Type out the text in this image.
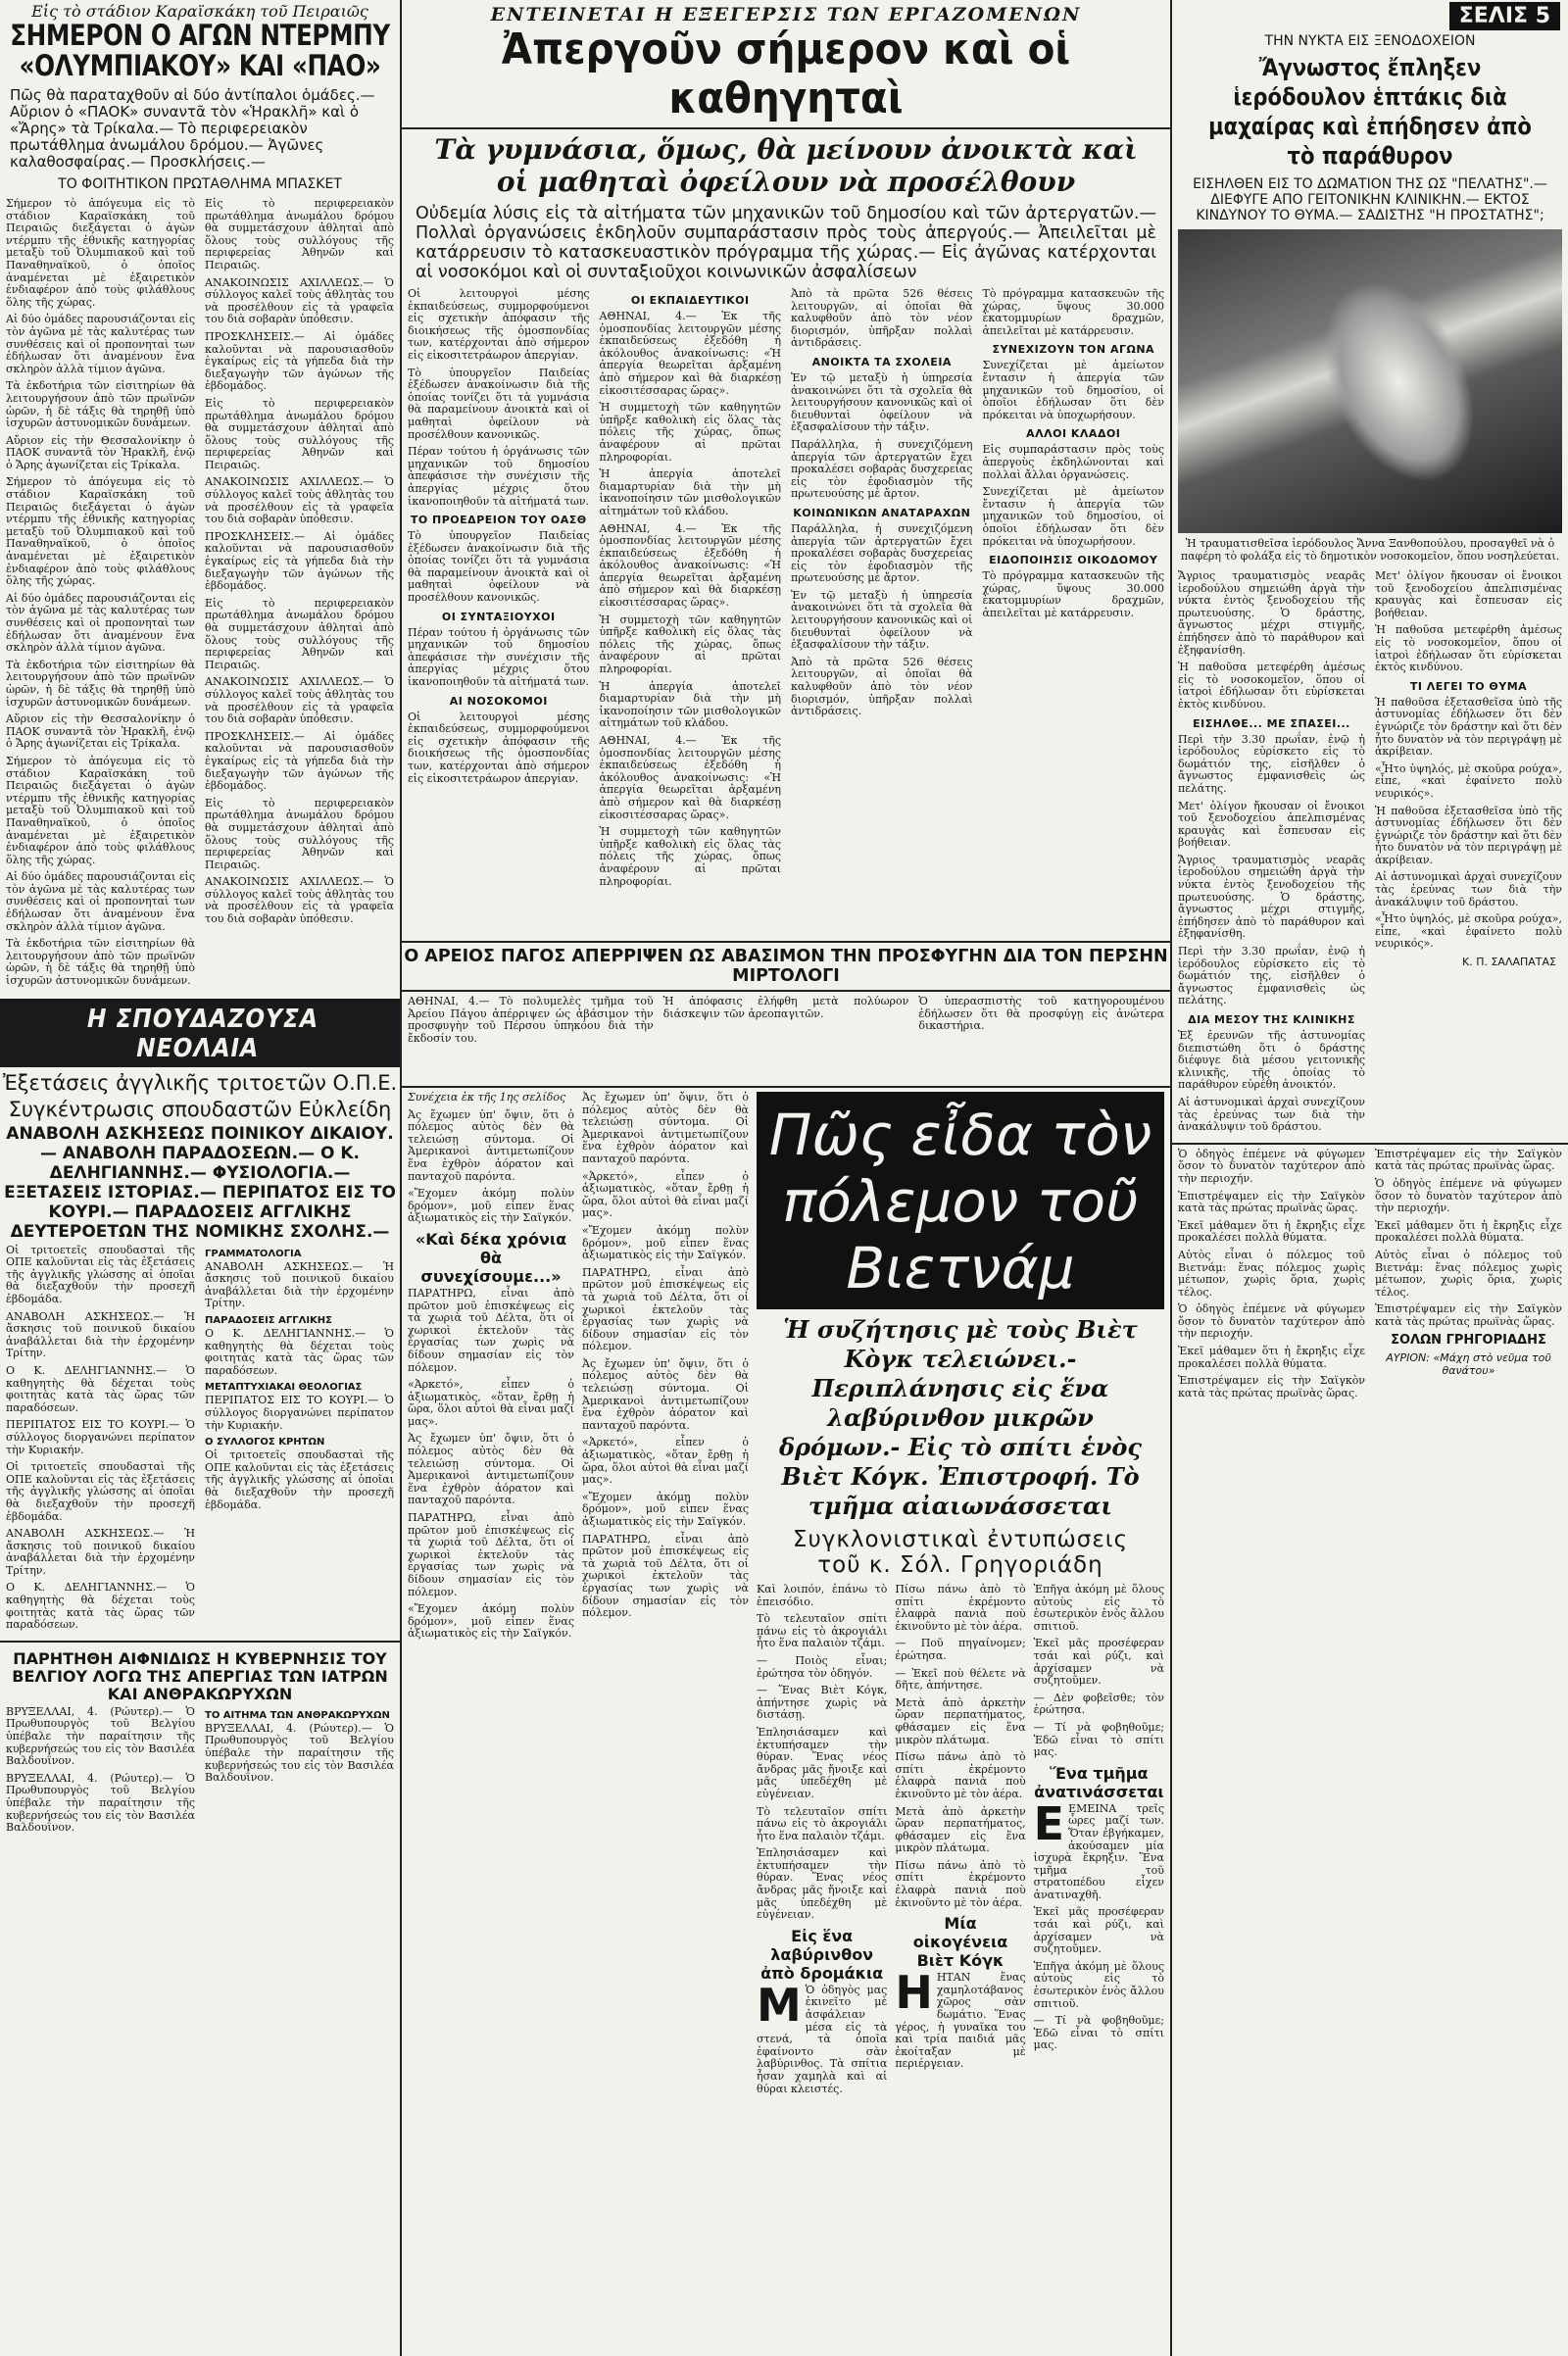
Εἰς τὸ στάδιον Καραϊσκάκη τοῦ Πειραιῶς
ΣΗΜΕΡΟΝ Ο ΑΓΩΝ ΝΤΕΡΜΠΥ «ΟΛΥΜΠΙΑΚΟΥ» ΚΑΙ «ΠΑΟ»
Πῶς θὰ παραταχθοῦν αἱ δύο ἀντίπαλοι ὁμάδες.— Αὔριον ὁ «ΠΑΟΚ» συναντᾶ τὸν «Ἡρακλῆ» καὶ ὁ «Ἄρης» τὰ Τρίκαλα.— Τὸ περιφερειακὸν πρωτάθλημα ἀνωμάλου δρόμου.— Ἀγῶνες καλαθοσφαίρας.— Προσκλήσεις.—
ΤΟ ΦΟΙΤΗΤΙΚΟΝ ΠΡΩΤΑΘΛΗΜΑ ΜΠΑΣΚΕΤ

Σήμερον τὸ ἀπόγευμα εἰς τὸ στάδιον Καραϊσκάκη τοῦ Πειραιῶς διεξάγεται ὁ ἀγὼν ντέρμπυ τῆς ἐθνικῆς κατηγορίας μεταξὺ τοῦ Ὀλυμπιακοῦ καὶ τοῦ Παναθηναϊκοῦ, ὁ ὁποῖος ἀναμένεται μὲ ἐξαιρετικὸν ἐνδιαφέρον ἀπὸ τοὺς φιλάθλους ὅλης τῆς χώρας.

Αἱ δύο ὁμάδες παρουσιάζονται εἰς τὸν ἀγῶνα μὲ τὰς καλυτέρας των συνθέσεις καὶ οἱ προπονηταὶ των ἐδήλωσαν ὅτι ἀναμένουν ἕνα σκληρὸν ἀλλὰ τίμιον ἀγῶνα.

Τὰ ἐκδοτήρια τῶν εἰσιτηρίων θὰ λειτουργήσουν ἀπὸ τῶν πρωϊνῶν ὡρῶν, ἡ δὲ τάξις θὰ τηρηθῇ ὑπὸ ἰσχυρῶν ἀστυνομικῶν δυνάμεων.

Αὔριον εἰς τὴν Θεσσαλονίκην ὁ ΠΑΟΚ συναντᾶ τὸν Ἡρακλῆ, ἐνῷ ὁ Ἄρης ἀγωνίζεται εἰς Τρίκαλα.

Σήμερον τὸ ἀπόγευμα εἰς τὸ στάδιον Καραϊσκάκη τοῦ Πειραιῶς διεξάγεται ὁ ἀγὼν ντέρμπυ τῆς ἐθνικῆς κατηγορίας μεταξὺ τοῦ Ὀλυμπιακοῦ καὶ τοῦ Παναθηναϊκοῦ, ὁ ὁποῖος ἀναμένεται μὲ ἐξαιρετικὸν ἐνδιαφέρον ἀπὸ τοὺς φιλάθλους ὅλης τῆς χώρας.

Αἱ δύο ὁμάδες παρουσιάζονται εἰς τὸν ἀγῶνα μὲ τὰς καλυτέρας των συνθέσεις καὶ οἱ προπονηταὶ των ἐδήλωσαν ὅτι ἀναμένουν ἕνα σκληρὸν ἀλλὰ τίμιον ἀγῶνα.

Τὰ ἐκδοτήρια τῶν εἰσιτηρίων θὰ λειτουργήσουν ἀπὸ τῶν πρωϊνῶν ὡρῶν, ἡ δὲ τάξις θὰ τηρηθῇ ὑπὸ ἰσχυρῶν ἀστυνομικῶν δυνάμεων.

Αὔριον εἰς τὴν Θεσσαλονίκην ὁ ΠΑΟΚ συναντᾶ τὸν Ἡρακλῆ, ἐνῷ ὁ Ἄρης ἀγωνίζεται εἰς Τρίκαλα.

Σήμερον τὸ ἀπόγευμα εἰς τὸ στάδιον Καραϊσκάκη τοῦ Πειραιῶς διεξάγεται ὁ ἀγὼν ντέρμπυ τῆς ἐθνικῆς κατηγορίας μεταξὺ τοῦ Ὀλυμπιακοῦ καὶ τοῦ Παναθηναϊκοῦ, ὁ ὁποῖος ἀναμένεται μὲ ἐξαιρετικὸν ἐνδιαφέρον ἀπὸ τοὺς φιλάθλους ὅλης τῆς χώρας.

Αἱ δύο ὁμάδες παρουσιάζονται εἰς τὸν ἀγῶνα μὲ τὰς καλυτέρας των συνθέσεις καὶ οἱ προπονηταὶ των ἐδήλωσαν ὅτι ἀναμένουν ἕνα σκληρὸν ἀλλὰ τίμιον ἀγῶνα.

Τὰ ἐκδοτήρια τῶν εἰσιτηρίων θὰ λειτουργήσουν ἀπὸ τῶν πρωϊνῶν ὡρῶν, ἡ δὲ τάξις θὰ τηρηθῇ ὑπὸ ἰσχυρῶν ἀστυνομικῶν δυνάμεων.

Εἰς τὸ περιφερειακὸν πρωτάθλημα ἀνωμάλου δρόμου θὰ συμμετάσχουν ἀθληταὶ ἀπὸ ὅλους τοὺς συλλόγους τῆς περιφερείας Ἀθηνῶν καὶ Πειραιῶς.

ΑΝΑΚΟΙΝΩΣΙΣ ΑΧΙΛΛΕΩΣ.— Ὁ σύλλογος καλεῖ τοὺς ἀθλητὰς του νὰ προσέλθουν εἰς τὰ γραφεῖα του διὰ σοβαρὰν ὑπόθεσιν.

ΠΡΟΣΚΛΗΣΕΙΣ.— Αἱ ὁμάδες καλοῦνται νὰ παρουσιασθοῦν ἐγκαίρως εἰς τὰ γήπεδα διὰ τὴν διεξαγωγὴν τῶν ἀγώνων τῆς ἑβδομάδος.

Εἰς τὸ περιφερειακὸν πρωτάθλημα ἀνωμάλου δρόμου θὰ συμμετάσχουν ἀθληταὶ ἀπὸ ὅλους τοὺς συλλόγους τῆς περιφερείας Ἀθηνῶν καὶ Πειραιῶς.

ΑΝΑΚΟΙΝΩΣΙΣ ΑΧΙΛΛΕΩΣ.— Ὁ σύλλογος καλεῖ τοὺς ἀθλητὰς του νὰ προσέλθουν εἰς τὰ γραφεῖα του διὰ σοβαρὰν ὑπόθεσιν.

ΠΡΟΣΚΛΗΣΕΙΣ.— Αἱ ὁμάδες καλοῦνται νὰ παρουσιασθοῦν ἐγκαίρως εἰς τὰ γήπεδα διὰ τὴν διεξαγωγὴν τῶν ἀγώνων τῆς ἑβδομάδος.

Εἰς τὸ περιφερειακὸν πρωτάθλημα ἀνωμάλου δρόμου θὰ συμμετάσχουν ἀθληταὶ ἀπὸ ὅλους τοὺς συλλόγους τῆς περιφερείας Ἀθηνῶν καὶ Πειραιῶς.

ΑΝΑΚΟΙΝΩΣΙΣ ΑΧΙΛΛΕΩΣ.— Ὁ σύλλογος καλεῖ τοὺς ἀθλητὰς του νὰ προσέλθουν εἰς τὰ γραφεῖα του διὰ σοβαρὰν ὑπόθεσιν.

ΠΡΟΣΚΛΗΣΕΙΣ.— Αἱ ὁμάδες καλοῦνται νὰ παρουσιασθοῦν ἐγκαίρως εἰς τὰ γήπεδα διὰ τὴν διεξαγωγὴν τῶν ἀγώνων τῆς ἑβδομάδος.

Εἰς τὸ περιφερειακὸν πρωτάθλημα ἀνωμάλου δρόμου θὰ συμμετάσχουν ἀθληταὶ ἀπὸ ὅλους τοὺς συλλόγους τῆς περιφερείας Ἀθηνῶν καὶ Πειραιῶς.

ΑΝΑΚΟΙΝΩΣΙΣ ΑΧΙΛΛΕΩΣ.— Ὁ σύλλογος καλεῖ τοὺς ἀθλητὰς του νὰ προσέλθουν εἰς τὰ γραφεῖα του διὰ σοβαρὰν ὑπόθεσιν.

Η ΣΠΟΥΔΑΖΟΥΣΑ ΝΕΟΛΑΙΑ
Ἐξετάσεις ἀγγλικῆς τριτοετῶν Ο.Π.Ε.
Συγκέντρωσις σπουδαστῶν Εὐκλείδη
ΑΝΑΒΟΛΗ ΑΣΚΗΣΕΩΣ ΠΟΙΝΙΚΟΥ ΔΙΚΑΙΟΥ.— ΑΝΑΒΟΛΗ ΠΑΡΑΔΟΣΕΩΝ.— Ο Κ. ΔΕΛΗΓΙΑΝΝΗΣ.— ΦΥΣΙΟΛΟΓΙΑ.— ΕΞΕΤΑΣΕΙΣ ΙΣΤΟΡΙΑΣ.— ΠΕΡΙΠΑΤΟΣ ΕΙΣ ΤΟ ΚΟΥΡΙ.— ΠΑΡΑΔΟΣΕΙΣ ΑΓΓΛΙΚΗΣ ΔΕΥΤΕΡΟΕΤΩΝ ΤΗΣ ΝΟΜΙΚΗΣ ΣΧΟΛΗΣ.—

Οἱ τριτοετεῖς σπουδασταὶ τῆς ΟΠΕ καλοῦνται εἰς τὰς ἐξετάσεις τῆς ἀγγλικῆς γλώσσης αἱ ὁποῖαι θὰ διεξαχθοῦν τὴν προσεχῆ ἑβδομάδα.

ΑΝΑΒΟΛΗ ΑΣΚΗΣΕΩΣ.— Ἡ ἄσκησις τοῦ ποινικοῦ δικαίου ἀναβάλλεται διὰ τὴν ἐρχομένην Τρίτην.

Ο Κ. ΔΕΛΗΓΙΑΝΝΗΣ.— Ὁ καθηγητὴς θὰ δέχεται τοὺς φοιτητὰς κατὰ τὰς ὥρας τῶν παραδόσεων.

ΠΕΡΙΠΑΤΟΣ ΕΙΣ ΤΟ ΚΟΥΡΙ.— Ὁ σύλλογος διοργανώνει περίπατον τὴν Κυριακήν.

Οἱ τριτοετεῖς σπουδασταὶ τῆς ΟΠΕ καλοῦνται εἰς τὰς ἐξετάσεις τῆς ἀγγλικῆς γλώσσης αἱ ὁποῖαι θὰ διεξαχθοῦν τὴν προσεχῆ ἑβδομάδα.

ΑΝΑΒΟΛΗ ΑΣΚΗΣΕΩΣ.— Ἡ ἄσκησις τοῦ ποινικοῦ δικαίου ἀναβάλλεται διὰ τὴν ἐρχομένην Τρίτην.

Ο Κ. ΔΕΛΗΓΙΑΝΝΗΣ.— Ὁ καθηγητὴς θὰ δέχεται τοὺς φοιτητὰς κατὰ τὰς ὥρας τῶν παραδόσεων.

ΓΡΑΜΜΑΤΟΛΟΓΙΑ

ΑΝΑΒΟΛΗ ΑΣΚΗΣΕΩΣ.— Ἡ ἄσκησις τοῦ ποινικοῦ δικαίου ἀναβάλλεται διὰ τὴν ἐρχομένην Τρίτην.

ΠΑΡΑΔΟΣΕΙΣ ΑΓΓΛΙΚΗΣ

Ο Κ. ΔΕΛΗΓΙΑΝΝΗΣ.— Ὁ καθηγητὴς θὰ δέχεται τοὺς φοιτητὰς κατὰ τὰς ὥρας τῶν παραδόσεων.

ΜΕΤΑΠΤΥΧΙΑΚΑΙ ΘΕΟΛΟΓΙΑΣ

ΠΕΡΙΠΑΤΟΣ ΕΙΣ ΤΟ ΚΟΥΡΙ.— Ὁ σύλλογος διοργανώνει περίπατον τὴν Κυριακήν.

Ο ΣΥΛΛΟΓΟΣ ΚΡΗΤΩΝ

Οἱ τριτοετεῖς σπουδασταὶ τῆς ΟΠΕ καλοῦνται εἰς τὰς ἐξετάσεις τῆς ἀγγλικῆς γλώσσης αἱ ὁποῖαι θὰ διεξαχθοῦν τὴν προσεχῆ ἑβδομάδα.

ΠΑΡΗΤΗΘΗ ΑΙΦΝΙΔΙΩΣ Η ΚΥΒΕΡΝΗΣΙΣ ΤΟΥ ΒΕΛΓΙΟΥ ΛΟΓΩ ΤΗΣ ΑΠΕΡΓΙΑΣ ΤΩΝ ΙΑΤΡΩΝ ΚΑΙ ΑΝΘΡΑΚΩΡΥΧΩΝ

ΒΡΥΞΕΛΛΑΙ, 4. (Ρώυτερ).— Ὁ Πρωθυπουργὸς τοῦ Βελγίου ὑπέβαλε τὴν παραίτησιν τῆς κυβερνήσεώς του εἰς τὸν Βασιλέα Βαλδουΐνον.

ΒΡΥΞΕΛΛΑΙ, 4. (Ρώυτερ).— Ὁ Πρωθυπουργὸς τοῦ Βελγίου ὑπέβαλε τὴν παραίτησιν τῆς κυβερνήσεώς του εἰς τὸν Βασιλέα Βαλδουΐνον.

ΤΟ ΑΙΤΗΜΑ ΤΩΝ ΑΝΘΡΑΚΩΡΥΧΩΝ

ΒΡΥΞΕΛΛΑΙ, 4. (Ρώυτερ).— Ὁ Πρωθυπουργὸς τοῦ Βελγίου ὑπέβαλε τὴν παραίτησιν τῆς κυβερνήσεώς του εἰς τὸν Βασιλέα Βαλδουΐνον.

ΕΝΤΕΙΝΕΤΑΙ Η ΕΞΕΓΕΡΣΙΣ ΤΩΝ ΕΡΓΑΖΟΜΕΝΩΝ
Ἀπεργοῦν σήμερον καὶ οἱ καθηγηταὶ
Τὰ γυμνάσια, ὅμως, θὰ μείνουν ἀνοικτὰ καὶ οἱ μαθηταὶ ὀφείλουν νὰ προσέλθουν
Οὐδεμία λύσις εἰς τὰ αἰτήματα τῶν μηχανικῶν τοῦ δημοσίου καὶ τῶν ἀρτεργατῶν.— Πολλαὶ ὀργανώσεις ἐκδηλοῦν συμπαράστασιν πρὸς τοὺς ἀπεργούς.— Ἀπειλεῖται μὲ κατάρρευσιν τὸ κατασκευαστικὸν πρόγραμμα τῆς χώρας.— Εἰς ἀγῶνας κατέρχονται αἱ νοσοκόμοι καὶ οἱ συνταξιοῦχοι κοινωνικῶν ἀσφαλίσεων

Οἱ λειτουργοὶ μέσης ἐκπαιδεύσεως, συμμορφούμενοι εἰς σχετικὴν ἀπόφασιν τῆς διοικήσεως τῆς ὁμοσπονδίας των, κατέρχονται ἀπὸ σήμερον εἰς εἰκοσιτετράωρον ἀπεργίαν.

Τὸ ὑπουργεῖον Παιδείας ἐξέδωσεν ἀνακοίνωσιν διὰ τῆς ὁποίας τονίζει ὅτι τὰ γυμνάσια θὰ παραμείνουν ἀνοικτὰ καὶ οἱ μαθηταὶ ὀφείλουν νὰ προσέλθουν κανονικῶς.

Πέραν τούτου ἡ ὀργάνωσις τῶν μηχανικῶν τοῦ δημοσίου ἀπεφάσισε τὴν συνέχισιν τῆς ἀπεργίας μέχρις ὅτου ἱκανοποιηθοῦν τὰ αἰτήματά των.

ΤΟ ΠΡΟΕΔΡΕΙΟΝ ΤΟΥ ΟΑΣΘ

Τὸ ὑπουργεῖον Παιδείας ἐξέδωσεν ἀνακοίνωσιν διὰ τῆς ὁποίας τονίζει ὅτι τὰ γυμνάσια θὰ παραμείνουν ἀνοικτὰ καὶ οἱ μαθηταὶ ὀφείλουν νὰ προσέλθουν κανονικῶς.

ΟΙ ΣΥΝΤΑΞΙΟΥΧΟΙ

Πέραν τούτου ἡ ὀργάνωσις τῶν μηχανικῶν τοῦ δημοσίου ἀπεφάσισε τὴν συνέχισιν τῆς ἀπεργίας μέχρις ὅτου ἱκανοποιηθοῦν τὰ αἰτήματά των.

ΑΙ ΝΟΣΟΚΟΜΟΙ

Οἱ λειτουργοὶ μέσης ἐκπαιδεύσεως, συμμορφούμενοι εἰς σχετικὴν ἀπόφασιν τῆς διοικήσεως τῆς ὁμοσπονδίας των, κατέρχονται ἀπὸ σήμερον εἰς εἰκοσιτετράωρον ἀπεργίαν.

ΟΙ ΕΚΠΑΙΔΕΥΤΙΚΟΙ

ΑΘΗΝΑΙ, 4.— Ἐκ τῆς ὁμοσπονδίας λειτουργῶν μέσης ἐκπαιδεύσεως ἐξεδόθη ἡ ἀκόλουθος ἀνακοίνωσις: «Ἡ ἀπεργία θεωρεῖται ἀρξαμένη ἀπὸ σήμερον καὶ θὰ διαρκέσῃ εἰκοσιτέσσαρας ὥρας».

Ἡ συμμετοχὴ τῶν καθηγητῶν ὑπῆρξε καθολικὴ εἰς ὅλας τὰς πόλεις τῆς χώρας, ὅπως ἀναφέρουν αἱ πρῶται πληροφορίαι.

Ἡ ἀπεργία ἀποτελεῖ διαμαρτυρίαν διὰ τὴν μὴ ἱκανοποίησιν τῶν μισθολογικῶν αἰτημάτων τοῦ κλάδου.

ΑΘΗΝΑΙ, 4.— Ἐκ τῆς ὁμοσπονδίας λειτουργῶν μέσης ἐκπαιδεύσεως ἐξεδόθη ἡ ἀκόλουθος ἀνακοίνωσις: «Ἡ ἀπεργία θεωρεῖται ἀρξαμένη ἀπὸ σήμερον καὶ θὰ διαρκέσῃ εἰκοσιτέσσαρας ὥρας».

Ἡ συμμετοχὴ τῶν καθηγητῶν ὑπῆρξε καθολικὴ εἰς ὅλας τὰς πόλεις τῆς χώρας, ὅπως ἀναφέρουν αἱ πρῶται πληροφορίαι.

Ἡ ἀπεργία ἀποτελεῖ διαμαρτυρίαν διὰ τὴν μὴ ἱκανοποίησιν τῶν μισθολογικῶν αἰτημάτων τοῦ κλάδου.

ΑΘΗΝΑΙ, 4.— Ἐκ τῆς ὁμοσπονδίας λειτουργῶν μέσης ἐκπαιδεύσεως ἐξεδόθη ἡ ἀκόλουθος ἀνακοίνωσις: «Ἡ ἀπεργία θεωρεῖται ἀρξαμένη ἀπὸ σήμερον καὶ θὰ διαρκέσῃ εἰκοσιτέσσαρας ὥρας».

Ἡ συμμετοχὴ τῶν καθηγητῶν ὑπῆρξε καθολικὴ εἰς ὅλας τὰς πόλεις τῆς χώρας, ὅπως ἀναφέρουν αἱ πρῶται πληροφορίαι.

Ἀπὸ τὰ πρῶτα 526 θέσεις λειτουργῶν, αἱ ὁποῖαι θὰ καλυφθοῦν ἀπὸ τὸν νέον διορισμόν, ὑπῆρξαν πολλαὶ ἀντιδράσεις.

ΑΝΟΙΚΤΑ ΤΑ ΣΧΟΛΕΙΑ

Ἐν τῷ μεταξὺ ἡ ὑπηρεσία ἀνακοινώνει ὅτι τὰ σχολεῖα θὰ λειτουργήσουν κανονικῶς καὶ οἱ διευθυνταὶ ὀφείλουν νὰ ἐξασφαλίσουν τὴν τάξιν.

Παράλληλα, ἡ συνεχιζόμενη ἀπεργία τῶν ἀρτεργατῶν ἔχει προκαλέσει σοβαρὰς δυσχερείας εἰς τὸν ἐφοδιασμὸν τῆς πρωτευούσης μὲ ἄρτον.

ΚΟΙΝΩΝΙΚΩΝ ΑΝΑΤΑΡΑΧΩΝ

Παράλληλα, ἡ συνεχιζόμενη ἀπεργία τῶν ἀρτεργατῶν ἔχει προκαλέσει σοβαρὰς δυσχερείας εἰς τὸν ἐφοδιασμὸν τῆς πρωτευούσης μὲ ἄρτον.

Ἐν τῷ μεταξὺ ἡ ὑπηρεσία ἀνακοινώνει ὅτι τὰ σχολεῖα θὰ λειτουργήσουν κανονικῶς καὶ οἱ διευθυνταὶ ὀφείλουν νὰ ἐξασφαλίσουν τὴν τάξιν.

Ἀπὸ τὰ πρῶτα 526 θέσεις λειτουργῶν, αἱ ὁποῖαι θὰ καλυφθοῦν ἀπὸ τὸν νέον διορισμόν, ὑπῆρξαν πολλαὶ ἀντιδράσεις.

Τὸ πρόγραμμα κατασκευῶν τῆς χώρας, ὕψους 30.000 ἑκατομμυρίων δραχμῶν, ἀπειλεῖται μὲ κατάρρευσιν.

ΣΥΝΕΧΙΖΟΥΝ ΤΟΝ ΑΓΩΝΑ

Συνεχίζεται μὲ ἀμείωτον ἔντασιν ἡ ἀπεργία τῶν μηχανικῶν τοῦ δημοσίου, οἱ ὁποῖοι ἐδήλωσαν ὅτι δὲν πρόκειται νὰ ὑποχωρήσουν.

ΑΛΛΟΙ ΚΛΑΔΟΙ

Εἰς συμπαράστασιν πρὸς τοὺς ἀπεργοὺς ἐκδηλώνονται καὶ πολλαὶ ἄλλαι ὀργανώσεις.

Συνεχίζεται μὲ ἀμείωτον ἔντασιν ἡ ἀπεργία τῶν μηχανικῶν τοῦ δημοσίου, οἱ ὁποῖοι ἐδήλωσαν ὅτι δὲν πρόκειται νὰ ὑποχωρήσουν.

ΕΙΔΟΠΟΙΗΣΙΣ ΟΙΚΟΔΟΜΟΥ

Τὸ πρόγραμμα κατασκευῶν τῆς χώρας, ὕψους 30.000 ἑκατομμυρίων δραχμῶν, ἀπειλεῖται μὲ κατάρρευσιν.

Ο ΑΡΕΙΟΣ ΠΑΓΟΣ ΑΠΕΡΡΙΨΕΝ ΩΣ ΑΒΑΣΙΜΟΝ ΤΗΝ ΠΡΟΣΦΥΓΗΝ ΔΙΑ ΤΟΝ ΠΕΡΣΗΝ ΜΙΡΤΟΛΟΓΙ

ΑΘΗΝΑΙ, 4.— Τὸ πολυμελὲς τμῆμα τοῦ Ἀρείου Πάγου ἀπέρριψεν ὡς ἀβάσιμον τὴν προσφυγὴν τοῦ Πέρσου ὑπηκόου διὰ τὴν ἔκδοσίν του.

Ἡ ἀπόφασις ἐλήφθη μετὰ πολύωρον διάσκεψιν τῶν ἀρεοπαγιτῶν.

Ὁ ὑπερασπιστὴς τοῦ κατηγορουμένου ἐδήλωσεν ὅτι θὰ προσφύγῃ εἰς ἀνώτερα δικαστήρια.

Συνέχεια ἐκ τῆς 1ης σελίδος

Ἀς ἔχωμεν ὑπ' ὄψιν, ὅτι ὁ πόλεμος αὐτὸς δὲν θὰ τελειώσῃ σύντομα. Οἱ Ἀμερικανοὶ ἀντιμετωπίζουν ἕνα ἐχθρὸν ἀόρατον καὶ πανταχοῦ παρόντα.

«Ἔχομεν ἀκόμη πολὺν δρόμον», μοῦ εἶπεν ἕνας ἀξιωματικὸς εἰς τὴν Σαϊγκόν.

«Καὶ δέκα χρόνια θὰ συνεχίσουμε...»

ΠΑΡΑΤΗΡΩ, εἶναι ἀπὸ πρῶτον μοῦ ἐπισκέψεως εἰς τὰ χωριὰ τοῦ Δέλτα, ὅτι οἱ χωρικοὶ ἐκτελοῦν τὰς ἐργασίας των χωρὶς νὰ δίδουν σημασίαν εἰς τὸν πόλεμον.

«Ἀρκετό», εἶπεν ὁ ἀξιωματικὸς, «ὅταν ἔρθῃ ἡ ὥρα, ὅλοι αὐτοὶ θὰ εἶναι μαζί μας».

Ἀς ἔχωμεν ὑπ' ὄψιν, ὅτι ὁ πόλεμος αὐτὸς δὲν θὰ τελειώσῃ σύντομα. Οἱ Ἀμερικανοὶ ἀντιμετωπίζουν ἕνα ἐχθρὸν ἀόρατον καὶ πανταχοῦ παρόντα.

ΠΑΡΑΤΗΡΩ, εἶναι ἀπὸ πρῶτον μοῦ ἐπισκέψεως εἰς τὰ χωριὰ τοῦ Δέλτα, ὅτι οἱ χωρικοὶ ἐκτελοῦν τὰς ἐργασίας των χωρὶς νὰ δίδουν σημασίαν εἰς τὸν πόλεμον.

«Ἔχομεν ἀκόμη πολὺν δρόμον», μοῦ εἶπεν ἕνας ἀξιωματικὸς εἰς τὴν Σαϊγκόν.

Ἀς ἔχωμεν ὑπ' ὄψιν, ὅτι ὁ πόλεμος αὐτὸς δὲν θὰ τελειώσῃ σύντομα. Οἱ Ἀμερικανοὶ ἀντιμετωπίζουν ἕνα ἐχθρὸν ἀόρατον καὶ πανταχοῦ παρόντα.

«Ἀρκετό», εἶπεν ὁ ἀξιωματικὸς, «ὅταν ἔρθῃ ἡ ὥρα, ὅλοι αὐτοὶ θὰ εἶναι μαζί μας».

«Ἔχομεν ἀκόμη πολὺν δρόμον», μοῦ εἶπεν ἕνας ἀξιωματικὸς εἰς τὴν Σαϊγκόν.

ΠΑΡΑΤΗΡΩ, εἶναι ἀπὸ πρῶτον μοῦ ἐπισκέψεως εἰς τὰ χωριὰ τοῦ Δέλτα, ὅτι οἱ χωρικοὶ ἐκτελοῦν τὰς ἐργασίας των χωρὶς νὰ δίδουν σημασίαν εἰς τὸν πόλεμον.

Ἀς ἔχωμεν ὑπ' ὄψιν, ὅτι ὁ πόλεμος αὐτὸς δὲν θὰ τελειώσῃ σύντομα. Οἱ Ἀμερικανοὶ ἀντιμετωπίζουν ἕνα ἐχθρὸν ἀόρατον καὶ πανταχοῦ παρόντα.

«Ἀρκετό», εἶπεν ὁ ἀξιωματικὸς, «ὅταν ἔρθῃ ἡ ὥρα, ὅλοι αὐτοὶ θὰ εἶναι μαζί μας».

«Ἔχομεν ἀκόμη πολὺν δρόμον», μοῦ εἶπεν ἕνας ἀξιωματικὸς εἰς τὴν Σαϊγκόν.

ΠΑΡΑΤΗΡΩ, εἶναι ἀπὸ πρῶτον μοῦ ἐπισκέψεως εἰς τὰ χωριὰ τοῦ Δέλτα, ὅτι οἱ χωρικοὶ ἐκτελοῦν τὰς ἐργασίας των χωρὶς νὰ δίδουν σημασίαν εἰς τὸν πόλεμον.

Πῶς εἶδα τὸν πόλεμον τοῦ Βιετνάμ
Ἡ συζήτησις μὲ τοὺς Βιὲτ Κὸγκ τελειώνει.- Περιπλάνησις εἰς ἕνα λαβύρινθον μικρῶν δρόμων.- Εἰς τὸ σπίτι ἑνὸς Βιὲτ Κόγκ. Ἐπιστροφή. Τὸ τμῆμα αἰαιωνάσσεται
Συγκλονιστικαὶ ἐντυπώσεις τοῦ κ. Σόλ. Γρηγοριάδη

Καὶ λοιπόν, ἐπάνω τὸ ἐπεισόδιο.

Τὸ τελευταῖον σπίτι πάνω εἰς τὸ ἀκρογιάλι ἦτο ἕνα παλαιὸν τζάμι.

— Ποιὸς εἶναι; ἐρώτησα τὸν ὁδηγόν.

— Ἕνας Βιὲτ Κόγκ, ἀπήντησε χωρὶς νὰ διστάσῃ.

Ἐπλησιάσαμεν καὶ ἐκτυπήσαμεν τὴν θύραν. Ἕνας νέος ἄνδρας μᾶς ἤνοιξε καὶ μᾶς ὑπεδέχθη μὲ εὐγένειαν.

Τὸ τελευταῖον σπίτι πάνω εἰς τὸ ἀκρογιάλι ἦτο ἕνα παλαιὸν τζάμι.

Ἐπλησιάσαμεν καὶ ἐκτυπήσαμεν τὴν θύραν. Ἕνας νέος ἄνδρας μᾶς ἤνοιξε καὶ μᾶς ὑπεδέχθη μὲ εὐγένειαν.

Εἰς ἕνα λαβύρινθον ἀπὸ δρομάκια

Μ Ὁ ὁδηγὸς μας ἐκινεῖτο μὲ ἀσφάλειαν μέσα εἰς τὰ στενά, τὰ ὁποῖα ἐφαίνοντο σὰν λαβύρινθος. Τὰ σπίτια ἦσαν χαμηλὰ καὶ αἱ θύραι κλειστές.

Πίσω πάνω ἀπὸ τὸ σπίτι ἐκρέμοντο ἐλαφρὰ πανιὰ ποὺ ἐκινοῦντο μὲ τὸν ἀέρα.

— Ποῦ πηγαίνομεν; ἐρώτησα.

— Ἐκεῖ ποὺ θέλετε νὰ δῆτε, ἀπήντησε.

Μετὰ ἀπὸ ἀρκετὴν ὥραν περπατήματος, φθάσαμεν εἰς ἕνα μικρὸν πλάτωμα.

Πίσω πάνω ἀπὸ τὸ σπίτι ἐκρέμοντο ἐλαφρὰ πανιὰ ποὺ ἐκινοῦντο μὲ τὸν ἀέρα.

Μετὰ ἀπὸ ἀρκετὴν ὥραν περπατήματος, φθάσαμεν εἰς ἕνα μικρὸν πλάτωμα.

Πίσω πάνω ἀπὸ τὸ σπίτι ἐκρέμοντο ἐλαφρὰ πανιὰ ποὺ ἐκινοῦντο μὲ τὸν ἀέρα.

Μία οἰκογένεια Βιὲτ Κόγκ

ΗΗΤΑΝ ἕνας χαμηλοτάβανος χῶρος σὰν δωμάτιο. Ἕνας γέρος, ἡ γυναῖκα του καὶ τρία παιδιά μᾶς ἐκοίταξαν μὲ περιέργειαν.

Ἐπῆγα ἀκόμη μὲ ὅλους αὐτοὺς εἰς τὸ ἐσωτερικὸν ἑνὸς ἄλλου σπιτιοῦ.

Ἐκεῖ μᾶς προσέφεραν τσάι καὶ ρύζι, καὶ ἀρχίσαμεν νὰ συζητοῦμεν.

— Δὲν φοβεῖσθε; τὸν ἐρώτησα.

— Τί νὰ φοβηθοῦμε; Ἐδῶ εἶναι τὸ σπίτι μας.

Ἕνα τμῆμα ἀνατινάσσεται

ΕΕΜΕΙΝΑ τρεῖς ὧρες μαζί των. Ὅταν ἐβγήκαμεν, ἀκούσαμεν μία ἰσχυρὰ ἔκρηξιν. Ἕνα τμῆμα τοῦ στρατοπέδου εἶχεν ἀνατιναχθῆ.

Ἐκεῖ μᾶς προσέφεραν τσάι καὶ ρύζι, καὶ ἀρχίσαμεν νὰ συζητοῦμεν.

Ἐπῆγα ἀκόμη μὲ ὅλους αὐτοὺς εἰς τὸ ἐσωτερικὸν ἑνὸς ἄλλου σπιτιοῦ.

— Τί νὰ φοβηθοῦμε; Ἐδῶ εἶναι τὸ σπίτι μας.

ΣΕΛΙΣ 5
ΤΗΝ ΝΥΚΤΑ ΕΙΣ ΞΕΝΟΔΟΧΕΙΟΝ
Ἄγνωστος ἔπληξεν ἱερόδουλον ἑπτάκις διὰ μαχαίρας καὶ ἐπήδησεν ἀπὸ τὸ παράθυρον
ΕΙΣΗΛΘΕΝ ΕΙΣ ΤΟ ΔΩΜΑΤΙΟΝ ΤΗΣ ΩΣ "ΠΕΛΑΤΗΣ".— ΔΙΕΦΥΓΕ ΑΠΟ ΓΕΙΤΟΝΙΚΗΝ ΚΛΙΝΙΚΗΝ.— ΕΚΤΟΣ ΚΙΝΔΥΝΟΥ ΤΟ ΘΥΜΑ.— ΣΑΔΙΣΤΗΣ "Η ΠΡΟΣΤΑΤΗΣ";
Ἡ τραυματισθεῖσα ἱερόδουλος Ἄννα Ξανθοπούλου, προσαγθεῖ νὰ ὁ παφέρη τὸ φολάξα εἰς τὸ δημοτικὸν νοσοκομεῖον, ὅπου νοσηλεύεται.

Ἄγριος τραυματισμὸς νεαρᾶς ἱεροδούλου σημειώθη ἀργὰ τὴν νύκτα ἐντὸς ξενοδοχείου τῆς πρωτευούσης. Ὁ δράστης, ἄγνωστος μέχρι στιγμῆς, ἐπήδησεν ἀπὸ τὸ παράθυρον καὶ ἐξηφανίσθη.

Ἡ παθοῦσα μετεφέρθη ἀμέσως εἰς τὸ νοσοκομεῖον, ὅπου οἱ ἰατροὶ ἐδήλωσαν ὅτι εὑρίσκεται ἐκτὸς κινδύνου.

ΕΙΣΗΛΘΕ... ΜΕ ΣΠΑΣΕΙ...

Περὶ τὴν 3.30 πρωΐαν, ἐνῷ ἡ ἱερόδουλος εὑρίσκετο εἰς τὸ δωμάτιόν της, εἰσῆλθεν ὁ ἄγνωστος ἐμφανισθεὶς ὡς πελάτης.

Μετ' ὀλίγον ἤκουσαν οἱ ἔνοικοι τοῦ ξενοδοχείου ἀπελπισμένας κραυγὰς καὶ ἔσπευσαν εἰς βοήθειαν.

Ἄγριος τραυματισμὸς νεαρᾶς ἱεροδούλου σημειώθη ἀργὰ τὴν νύκτα ἐντὸς ξενοδοχείου τῆς πρωτευούσης. Ὁ δράστης, ἄγνωστος μέχρι στιγμῆς, ἐπήδησεν ἀπὸ τὸ παράθυρον καὶ ἐξηφανίσθη.

Περὶ τὴν 3.30 πρωΐαν, ἐνῷ ἡ ἱερόδουλος εὑρίσκετο εἰς τὸ δωμάτιόν της, εἰσῆλθεν ὁ ἄγνωστος ἐμφανισθεὶς ὡς πελάτης.

ΔΙΑ ΜΕΣΟΥ ΤΗΣ ΚΛΙΝΙΚΗΣ

Ἐξ ἐρευνῶν τῆς ἀστυνομίας διεπιστώθη ὅτι ὁ δράστης διέφυγε διὰ μέσου γειτονικῆς κλινικῆς, τῆς ὁποίας τὸ παράθυρον εὑρέθη ἀνοικτόν.

Αἱ ἀστυνομικαὶ ἀρχαὶ συνεχίζουν τὰς ἐρεύνας των διὰ τὴν ἀνακάλυψιν τοῦ δράστου.

Μετ' ὀλίγον ἤκουσαν οἱ ἔνοικοι τοῦ ξενοδοχείου ἀπελπισμένας κραυγὰς καὶ ἔσπευσαν εἰς βοήθειαν.

Ἡ παθοῦσα μετεφέρθη ἀμέσως εἰς τὸ νοσοκομεῖον, ὅπου οἱ ἰατροὶ ἐδήλωσαν ὅτι εὑρίσκεται ἐκτὸς κινδύνου.

ΤΙ ΛΕΓΕΙ ΤΟ ΘΥΜΑ

Ἡ παθοῦσα ἐξετασθεῖσα ὑπὸ τῆς ἀστυνομίας ἐδήλωσεν ὅτι δὲν ἐγνώριζε τὸν δράστην καὶ ὅτι δὲν ἦτο δυνατὸν νὰ τὸν περιγράψῃ μὲ ἀκρίβειαν.

«Ἦτο ὑψηλός, μὲ σκοῦρα ρούχα», εἶπε, «καὶ ἐφαίνετο πολὺ νευρικός».

Ἡ παθοῦσα ἐξετασθεῖσα ὑπὸ τῆς ἀστυνομίας ἐδήλωσεν ὅτι δὲν ἐγνώριζε τὸν δράστην καὶ ὅτι δὲν ἦτο δυνατὸν νὰ τὸν περιγράψῃ μὲ ἀκρίβειαν.

Αἱ ἀστυνομικαὶ ἀρχαὶ συνεχίζουν τὰς ἐρεύνας των διὰ τὴν ἀνακάλυψιν τοῦ δράστου.

«Ἦτο ὑψηλός, μὲ σκοῦρα ρούχα», εἶπε, «καὶ ἐφαίνετο πολὺ νευρικός».

Κ. Π. ΣΑΛΑΠΑΤΑΣ

Ὁ ὁδηγὸς ἐπέμενε νὰ φύγωμεν ὅσον τὸ δυνατὸν ταχύτερον ἀπὸ τὴν περιοχήν.

Ἐπιστρέψαμεν εἰς τὴν Σαϊγκὸν κατὰ τὰς πρώτας πρωϊνὰς ὥρας.

Ἐκεῖ μάθαμεν ὅτι ἡ ἔκρηξις εἶχε προκαλέσει πολλὰ θύματα.

Αὐτὸς εἶναι ὁ πόλεμος τοῦ Βιετνάμ: ἕνας πόλεμος χωρὶς μέτωπον, χωρὶς ὅρια, χωρὶς τέλος.

Ὁ ὁδηγὸς ἐπέμενε νὰ φύγωμεν ὅσον τὸ δυνατὸν ταχύτερον ἀπὸ τὴν περιοχήν.

Ἐκεῖ μάθαμεν ὅτι ἡ ἔκρηξις εἶχε προκαλέσει πολλὰ θύματα.

Ἐπιστρέψαμεν εἰς τὴν Σαϊγκὸν κατὰ τὰς πρώτας πρωϊνὰς ὥρας.

Ἐπιστρέψαμεν εἰς τὴν Σαϊγκὸν κατὰ τὰς πρώτας πρωϊνὰς ὥρας.

Ὁ ὁδηγὸς ἐπέμενε νὰ φύγωμεν ὅσον τὸ δυνατὸν ταχύτερον ἀπὸ τὴν περιοχήν.

Ἐκεῖ μάθαμεν ὅτι ἡ ἔκρηξις εἶχε προκαλέσει πολλὰ θύματα.

Αὐτὸς εἶναι ὁ πόλεμος τοῦ Βιετνάμ: ἕνας πόλεμος χωρὶς μέτωπον, χωρὶς ὅρια, χωρὶς τέλος.

Ἐπιστρέψαμεν εἰς τὴν Σαϊγκὸν κατὰ τὰς πρώτας πρωϊνὰς ὥρας.

ΣΟΛΩΝ ΓΡΗΓΟΡΙΑΔΗΣ
ΑΥΡΙΟΝ: «Μάχη στὸ νεῦμα τοῦ θανάτου»
